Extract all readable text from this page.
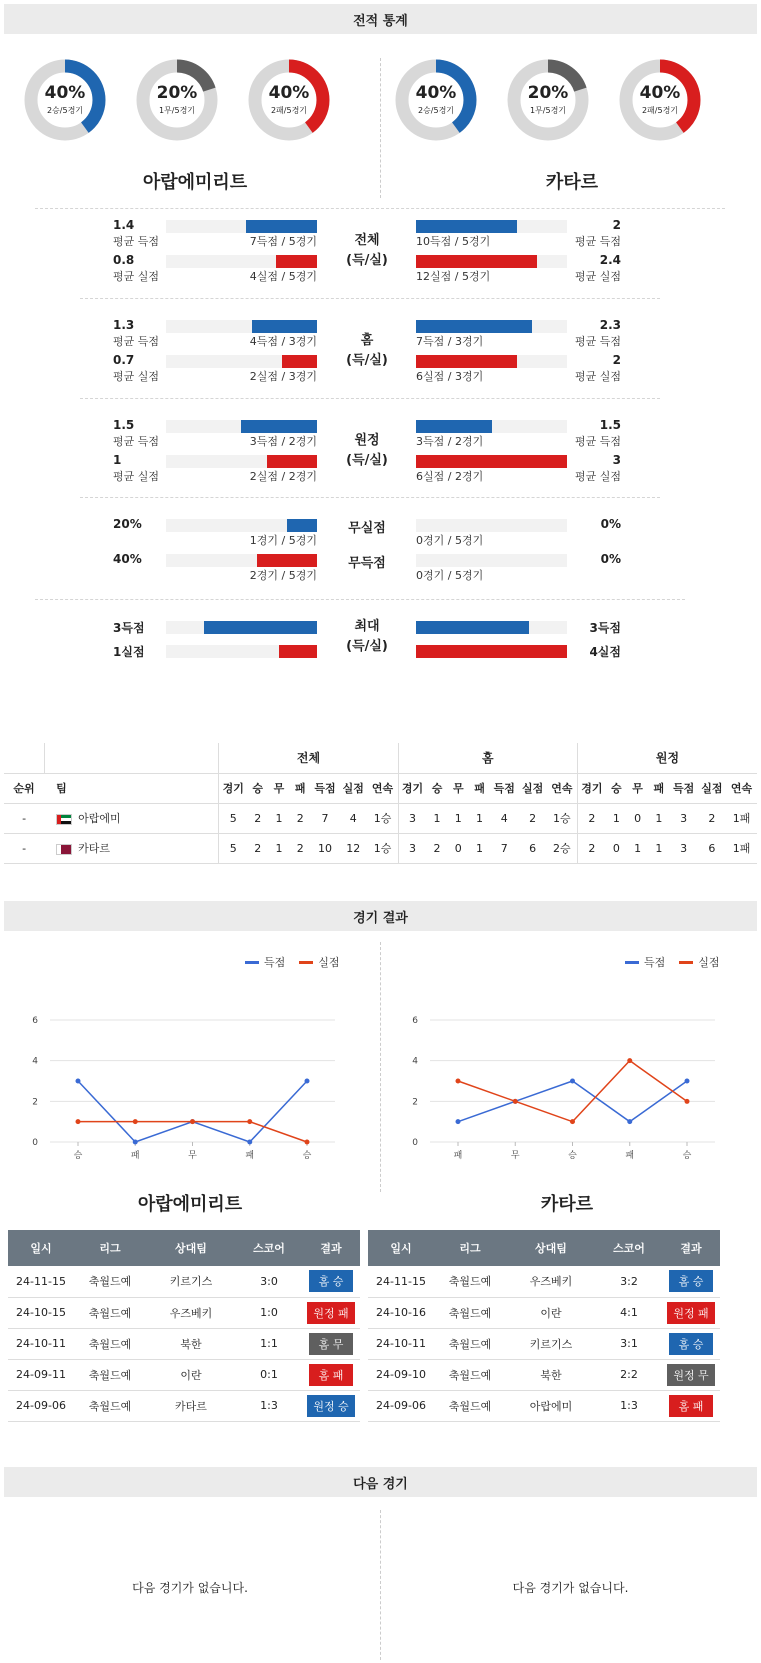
전적 통계
40%
2승/5경기
20%
1무/5경기
40%
2패/5경기
40%
2승/5경기
20%
1무/5경기
40%
2패/5경기
아랍에미리트	카타르
1.4
평균 득점	7득점 / 5경기
0.8
평균 실점	4실점 / 5경기
2
평균 득점
10득점 / 5경기
2.4
평균 실점
12실점 / 5경기
전체
(득/실)
1.3
평균 득점	4득점 / 3경기
0.7
평균 실점	2실점 / 3경기
2.3
평균 득점
7득점 / 3경기
2
평균 실점
6실점 / 3경기
홈
(득/실)
1.5
평균 득점	3득점 / 2경기
1
평균 실점	2실점 / 2경기
1.5
평균 득점
3득점 / 2경기
3
평균 실점
6실점 / 2경기
원정
(득/실)
20%	0%
1경기 / 5경기	0경기 / 5경기
무실점
40%	0%
2경기 / 5경기	0경기 / 5경기
무득점
3득점
1실점
3득점
4실점
최대
(득/실)
		전체							홈							원정						
순위	팀	경기	승	무	패	득점	실점	연속	경기	승	무	패	득점	실점	연속	경기	승	무	패	득점	실점	연속
-	아랍에미	5	2	1	2	7	4	1승	3	1	1	1	4	2	1승	2	1	0	1	3	2	1패
-	카타르	5	2	1	2	10	12	1승	3	2	0	1	7	6	2승	2	0	1	1	3	6	1패
경기 결과
득점	실점
0
2
4
6
승	패	무	패	승
득점	실점
0
2
4
6
패	무	승	패	승
아랍에미리트	카타르
일시	리그	상대팀	스코어	결과
24-11-15	축월드예	키르기스	3:0	홈 승
24-10-15	축월드예	우즈베키	1:0	원정 패
24-10-11	축월드예	북한	1:1	홈 무
24-09-11	축월드예	이란	0:1	홈 패
24-09-06	축월드예	카타르	1:3	원정 승
일시	리그	상대팀	스코어	결과
24-11-15	축월드예	우즈베키	3:2	홈 승
24-10-16	축월드예	이란	4:1	원정 패
24-10-11	축월드예	키르기스	3:1	홈 승
24-09-10	축월드예	북한	2:2	원정 무
24-09-06	축월드예	아랍에미	1:3	홈 패
다음 경기
다음 경기가 없습니다.	다음 경기가 없습니다.
